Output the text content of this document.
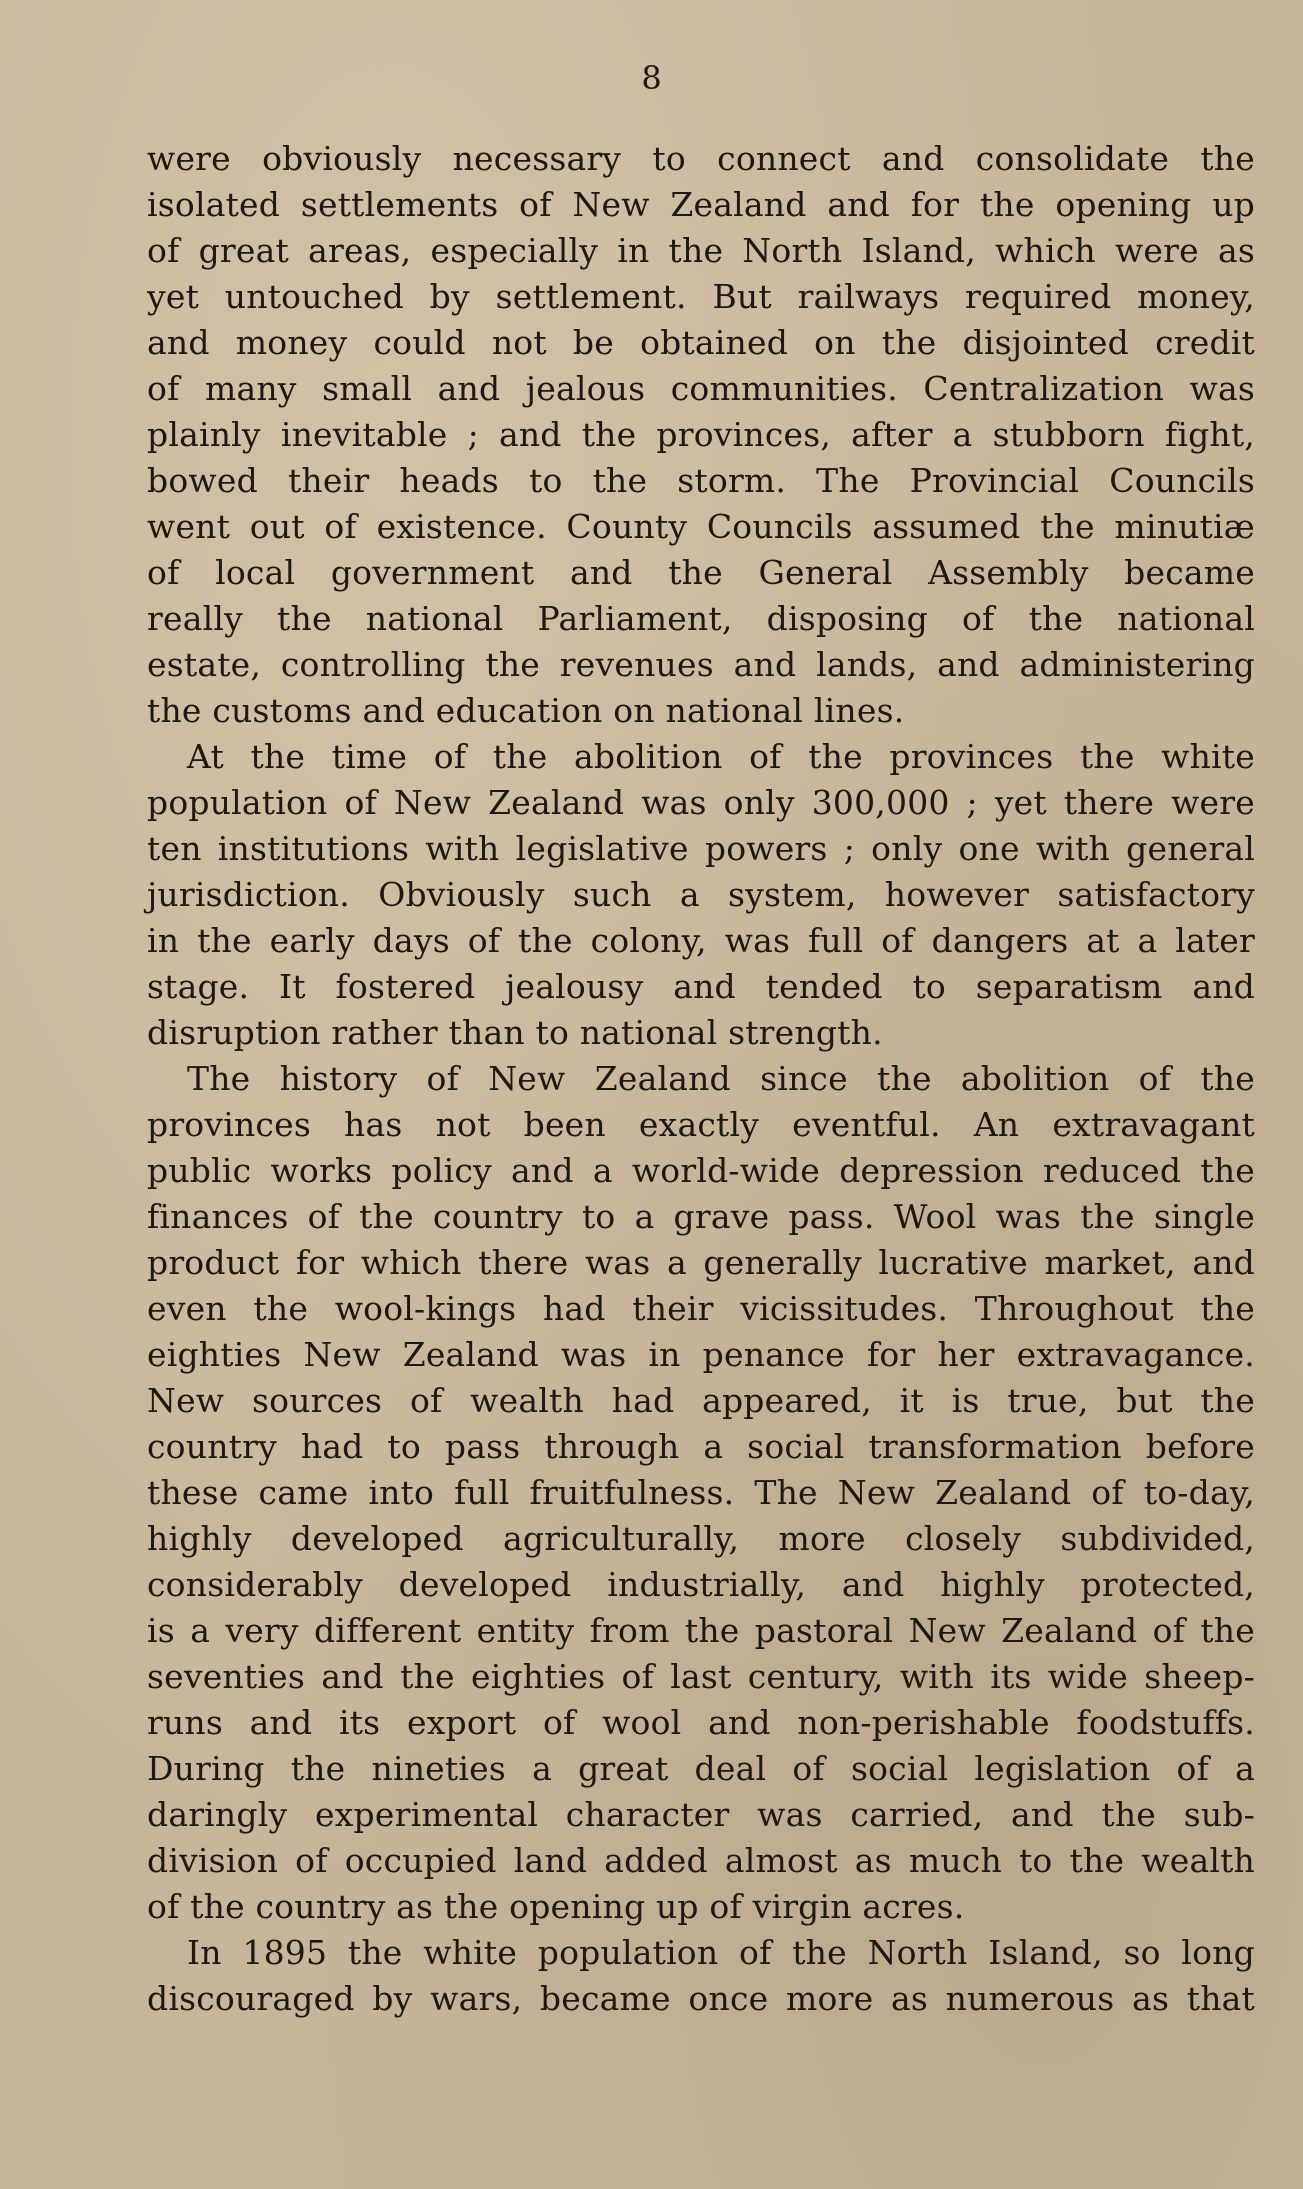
8
were obviously necessary to connect and consolidate the
isolated settlements of New Zealand and for the opening up
of great areas, especially in the North Island, which were as
yet untouched by settlement. But railways required money,
and money could not be obtained on the disjointed credit
of many small and jealous communities. Centralization was
plainly inevitable ; and the provinces, after a stubborn fight,
bowed their heads to the storm. The Provincial Councils
went out of existence. County Councils assumed the minutiæ
of local government and the General Assembly became
really the national Parliament, disposing of the national
estate, controlling the revenues and lands, and administering
the customs and education on national lines.
At the time of the abolition of the provinces the white
population of New Zealand was only 300,000 ; yet there were
ten institutions with legislative powers ; only one with general
jurisdiction. Obviously such a system, however satisfactory
in the early days of the colony, was full of dangers at a later
stage. It fostered jealousy and tended to separatism and
disruption rather than to national strength.
The history of New Zealand since the abolition of the
provinces has not been exactly eventful. An extravagant
public works policy and a world-wide depression reduced the
finances of the country to a grave pass. Wool was the single
product for which there was a generally lucrative market, and
even the wool-kings had their vicissitudes. Throughout the
eighties New Zealand was in penance for her extravagance.
New sources of wealth had appeared, it is true, but the
country had to pass through a social transformation before
these came into full fruitfulness. The New Zealand of to-day,
highly developed agriculturally, more closely subdivided,
considerably developed industrially, and highly protected,
is a very different entity from the pastoral New Zealand of the
seventies and the eighties of last century, with its wide sheep-
runs and its export of wool and non-perishable foodstuffs.
During the nineties a great deal of social legislation of a
daringly experimental character was carried, and the sub-
division of occupied land added almost as much to the wealth
of the country as the opening up of virgin acres.
In 1895 the white population of the North Island, so long
discouraged by wars, became once more as numerous as that
